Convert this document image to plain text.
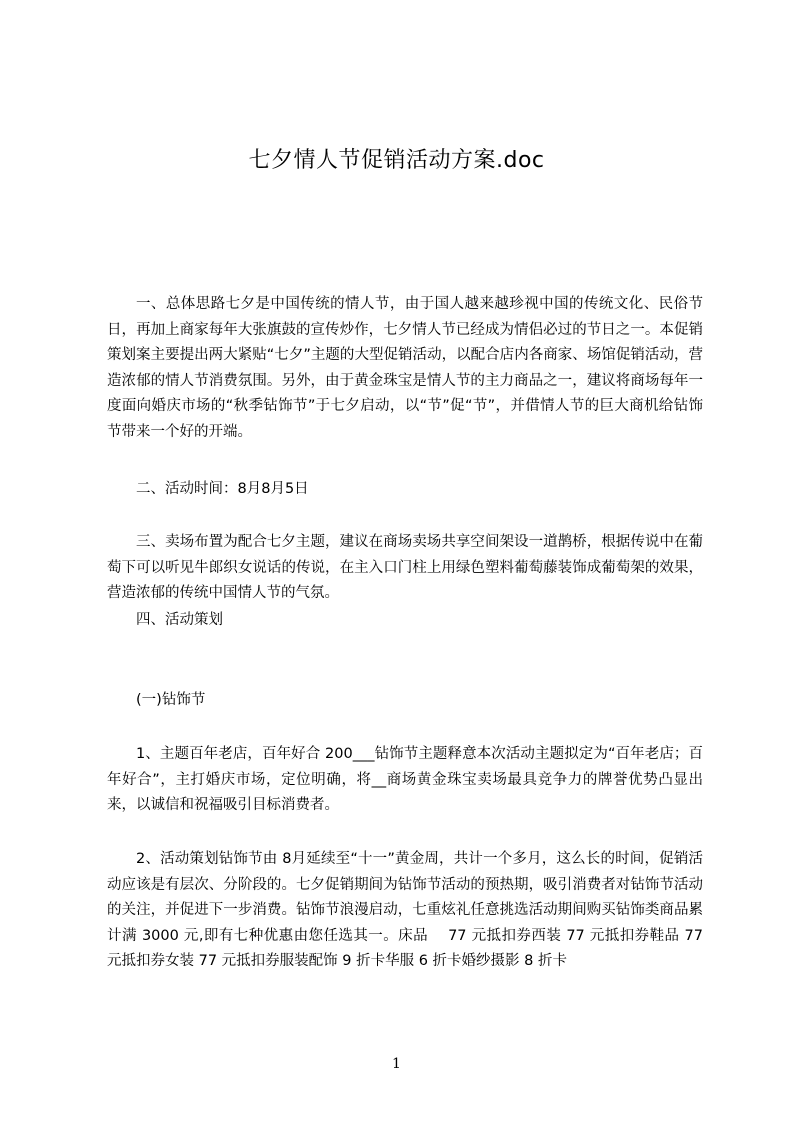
七夕情人节促销活动方案.doc

一、总体思路七夕是中国传统的情人节，由于国人越来越珍视中国的传统文化、民俗节日，再加上商家每年大张旗鼓的宣传炒作，七夕情人节已经成为情侣必过的节日之一。本促销策划案主要提出两大紧贴“七夕”主题的大型促销活动，以配合店内各商家、场馆促销活动，营造浓郁的情人节消费氛围。另外，由于黄金珠宝是情人节的主力商品之一，建议将商场每年一度面向婚庆市场的“秋季钻饰节”于七夕启动，以“节”促“节”，并借情人节的巨大商机给钻饰节带来一个好的开端。

二、活动时间：8月8月5日

三、卖场布置为配合七夕主题，建议在商场卖场共享空间架设一道鹊桥，根据传说中在葡萄下可以听见牛郎织女说话的传说，在主入口门柱上用绿色塑料葡萄藤装饰成葡萄架的效果，营造浓郁的传统中国情人节的气氛。

四、活动策划

(一)钻饰节

1、主题百年老店，百年好合 200___钻饰节主题释意本次活动主题拟定为“百年老店；百年好合”，主打婚庆市场，定位明确，将__商场黄金珠宝卖场最具竞争力的牌誉优势凸显出来，以诚信和祝福吸引目标消费者。

2、活动策划钻饰节由 8月延续至“十一”黄金周，共计一个多月，这么长的时间，促销活动应该是有层次、分阶段的。七夕促销期间为钻饰节活动的预热期，吸引消费者对钻饰节活动的关注，并促进下一步消费。钻饰节浪漫启动，七重炫礼任意挑选活动期间购买钻饰类商品累计满 3000 元,即有七种优惠由您任选其一。床品　 77 元抵扣券西装 77 元抵扣券鞋品 77 元抵扣券女装 77 元抵扣券服装配饰 9 折卡华服 6 折卡婚纱摄影 8 折卡

1
